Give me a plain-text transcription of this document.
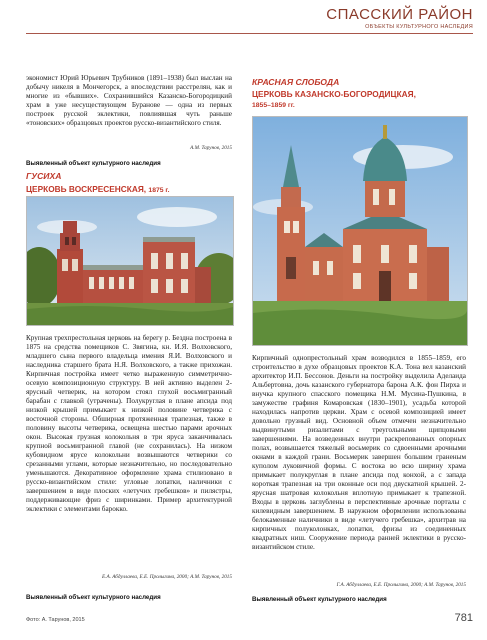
СПАССКИЙ РАЙОН
ОБЪЕКТЫ КУЛЬТУРНОГО НАСЛЕДИЯ

экономист Юрий Юрьевич Трубников (1891–1938) был выслан на добычу никеля в Мончегорск, а впоследствии расстрелян, как и многие из «бывших». Сохранившийся Казанско-Богородицкий храм в уже несуществующем Буранове — одна из первых построек русской эклектики, повлиявшая чуть раньше «тоновских» образцовых проектов русско-византийского стиля.

А.М. Тарунов, 2015
Выявленный объект культурного наследия
ГУСИХА
ЦЕРКОВЬ ВОСКРЕСЕНСКАЯ, 1875 г.

Крупная трехпрестольная церковь на берегу р. Бездна построена в 1875 на средства помещиков С. Звягина, кн. И.Я. Волховского, младшего сына первого владельца имения Я.И. Волховского и наследника старшего брата Н.Я. Волховского, а также прихожан. Кирпичная постройка имеет четко выраженную симметрично-осевую композиционную структуру. В ней активно выделен 2-ярусный четверик, на котором стоял глухой восьмигранный барабан с главкой (утрачены). Полукруглая в плане апсида под низкой крышей примыкает к низкой половине четверика с восточной стороны. Обширная протяженная трапезная, также в половину высоты четверика, освещена шестью парами арочных окон. Высокая грузная колокольня в три яруса заканчивалась крупной восьмигранной главой (не сохранилась). На низком кубовидном ярусе колокольни возвышаются четверики со срезанными углами, которые незначительно, но последовательно уменьшаются. Декоративное оформление храма стилизовано в русско-византийском стиле: угловые лопатки, наличники с завершением в виде плоских «летучих гребешков» и пилястры, поддерживающие фриз с ширинками. Пример архитектурной эклектики с элементами барокко.

Е.А. Абдуллаева, Е.Е. Пролыгина, 2000; А.М. Тарунов, 2015
Выявленный объект культурного наследия
Фото: А. Тарунов, 2015
КРАСНАЯ СЛОБОДА
ЦЕРКОВЬ КАЗАНСКО-БОГОРОДИЦКАЯ,
1855–1859 гг.

Кирпичный однопрестольный храм возводился в 1855–1859, его строительство в духе образцовых проектов К.А. Тона вел казанский архитектор И.П. Бессонов. Деньги на постройку выделила Аделаида Альбертовна, дочь казанского губернатора барона А.К. фон Пирха и внучка крупного спасского помещика Н.М. Мусина-Пушкина, в замужестве графиня Комаровская (1830–1901), усадьба которой находилась напротив церкви. Храм с осевой композицией имеет довольно грузный вид. Основной объем отмечен незначительно выдвинутыми ризалитами с треугольными щипцовыми завершениями. На возведенных внутри раскрепованных опорных полах, возвышается тяжелый восьмерик со сдвоенными арочными окнами в каждой грани. Восьмерик завершен большим граненым куполом луковичной формы. С востока во всю ширину храма примыкает полукруглая в плане апсида под конхой, а с запада короткая трапезная на три оконные оси под двускатной крышей. 2-ярусная шатровая колокольня вплотную примыкает к трапезной. Входы в церковь заглублены в перспективные арочные порталы с килевидным завершением. В наружном оформлении использованы белокаменные наличники в виде «летучего гребешка», архитрав на кирпичных полуколонках, лопатки, фризы из соединенных квадратных ниш. Сооружение периода ранней эклектики в русско-византийском стиле.

Г.А. Абдуллаева, Е.Е. Пролыгина, 2000; А.М. Тарунов, 2015
Выявленный объект культурного наследия
781
